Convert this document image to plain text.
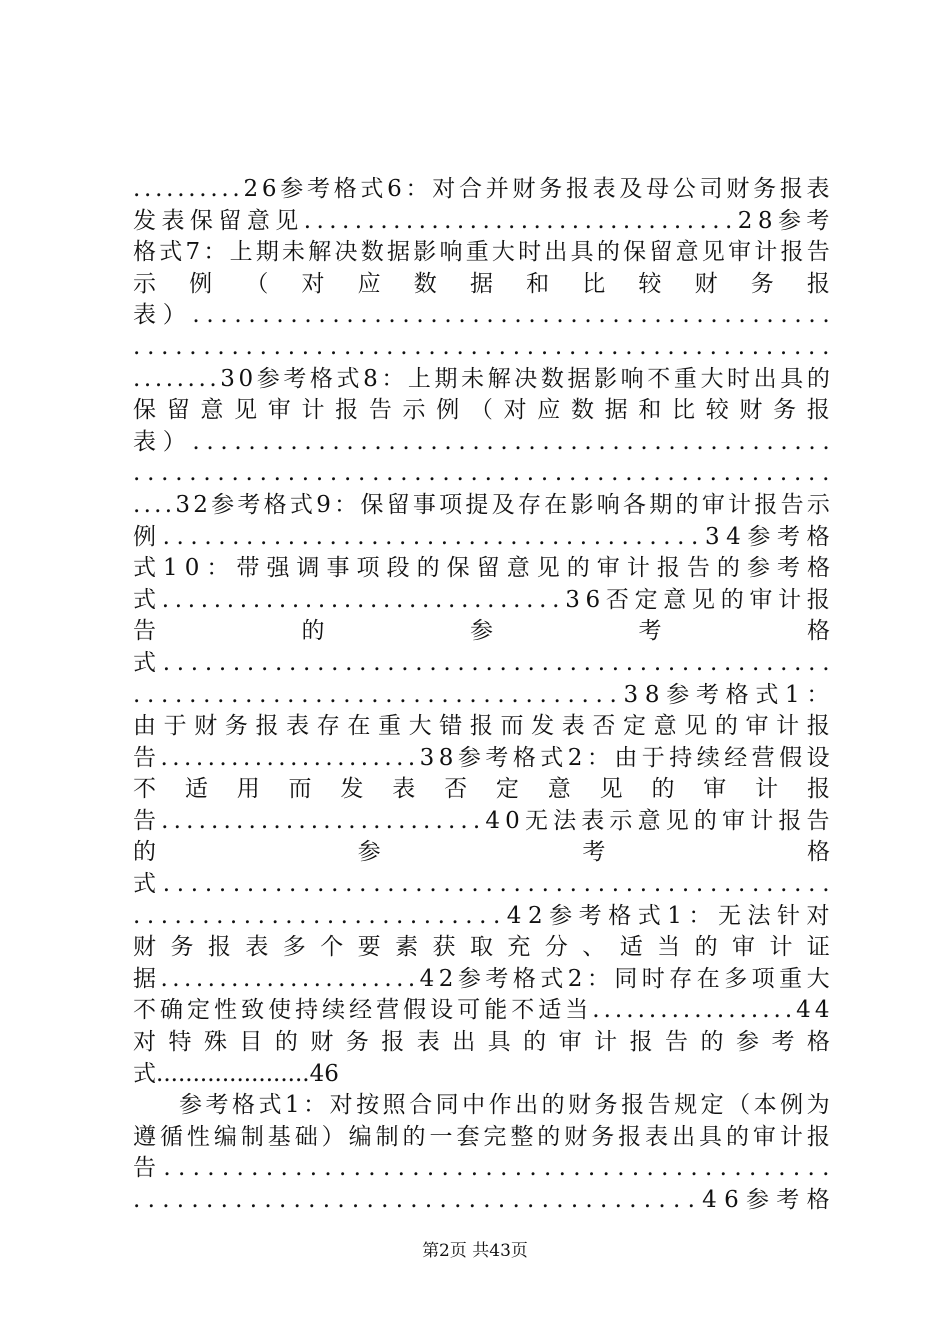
. . . . . . . . . . 2 6 参 考 格 式 6 ： 对 合 并 财 务 报 表 及 母 公 司 财 务 报 表
发 表 保 留 意 见 . . . . . . . . . . . . . . . . . . . . . . . . . . . . . . . . . . 2 8 参 考
格 式 7 ： 上 期 未 解 决 数 据 影 响 重 大 时 出 具 的 保 留 意 见 审 计 报 告
示 例 （ 对 应 数 据 和 比 较 财 务 报
表 ） . . . . . . . . . . . . . . . . . . . . . . . . . . . . . . . . . . . . . . . . . . . . . .
. . . . . . . . . . . . . . . . . . . . . . . . . . . . . . . . . . . . . . . . . . . . . . . . . .
. . . . . . . . 3 0 参 考 格 式 8 ： 上 期 未 解 决 数 据 影 响 不 重 大 时 出 具 的
保 留 意 见 审 计 报 告 示 例 （ 对 应 数 据 和 比 较 财 务 报
表 ） . . . . . . . . . . . . . . . . . . . . . . . . . . . . . . . . . . . . . . . . . . . . . .
. . . . . . . . . . . . . . . . . . . . . . . . . . . . . . . . . . . . . . . . . . . . . . . . . .
. . . . 3 2 参 考 格 式 9 ： 保 留 事 项 提 及 存 在 影 响 各 期 的 审 计 报 告 示
例 . . . . . . . . . . . . . . . . . . . . . . . . . . . . . . . . . . . . . . . 3 4 参 考 格
式 1 0 ： 带 强 调 事 项 段 的 保 留 意 见 的 审 计 报 告 的 参 考 格
式 . . . . . . . . . . . . . . . . . . . . . . . . . . . . . . . 3 6 否 定 意 见 的 审 计 报
告	的	参	考	格
式 . . . . . . . . . . . . . . . . . . . . . . . . . . . . . . . . . . . . . . . . . . . . . . . .
. . . . . . . . . . . . . . . . . . . . . . . . . . . . . . . . . . . 3 8 参 考 格 式 1 ：
由 于 财 务 报 表 存 在 重 大 错 报 而 发 表 否 定 意 见 的 审 计 报
告 . . . . . . . . . . . . . . . . . . . . . . 3 8 参 考 格 式 2 ： 由 于 持 续 经 营 假 设
不 适 用 而 发 表 否 定 意 见 的 审 计 报
告 . . . . . . . . . . . . . . . . . . . . . . . . . . 4 0 无 法 表 示 意 见 的 审 计 报 告
的	参	考	格
式 . . . . . . . . . . . . . . . . . . . . . . . . . . . . . . . . . . . . . . . . . . . . . . . .
. . . . . . . . . . . . . . . . . . . . . . . . . . . 4 2 参 考 格 式 1 ： 无 法 针 对
财 务 报 表 多 个 要 素 获 取 充 分 、 适 当 的 审 计 证
据 . . . . . . . . . . . . . . . . . . . . . . 4 2 参 考 格 式 2 ： 同 时 存 在 多 项 重 大
不 确 定 性 致 使 持 续 经 营 假 设 可 能 不 适 当 . . . . . . . . . . . . . . . . . . 4 4
对 特 殊 目 的 财 务 报 表 出 具 的 审 计 报 告 的 参 考 格
式 . . . . . . . . . . . . . . . . . . . . . 4 6
参 考 格 式 1 ： 对 按 照 合 同 中 作 出 的 财 务 报 告 规 定 （ 本 例 为
遵 循 性 编 制 基 础 ） 编 制 的 一 套 完 整 的 财 务 报 表 出 具 的 审 计 报
告 . . . . . . . . . . . . . . . . . . . . . . . . . . . . . . . . . . . . . . . . . . . . . .
. . . . . . . . . . . . . . . . . . . . . . . . . . . . . . . . . . . . . . . 4 6 参 考 格
第2页 共43页
